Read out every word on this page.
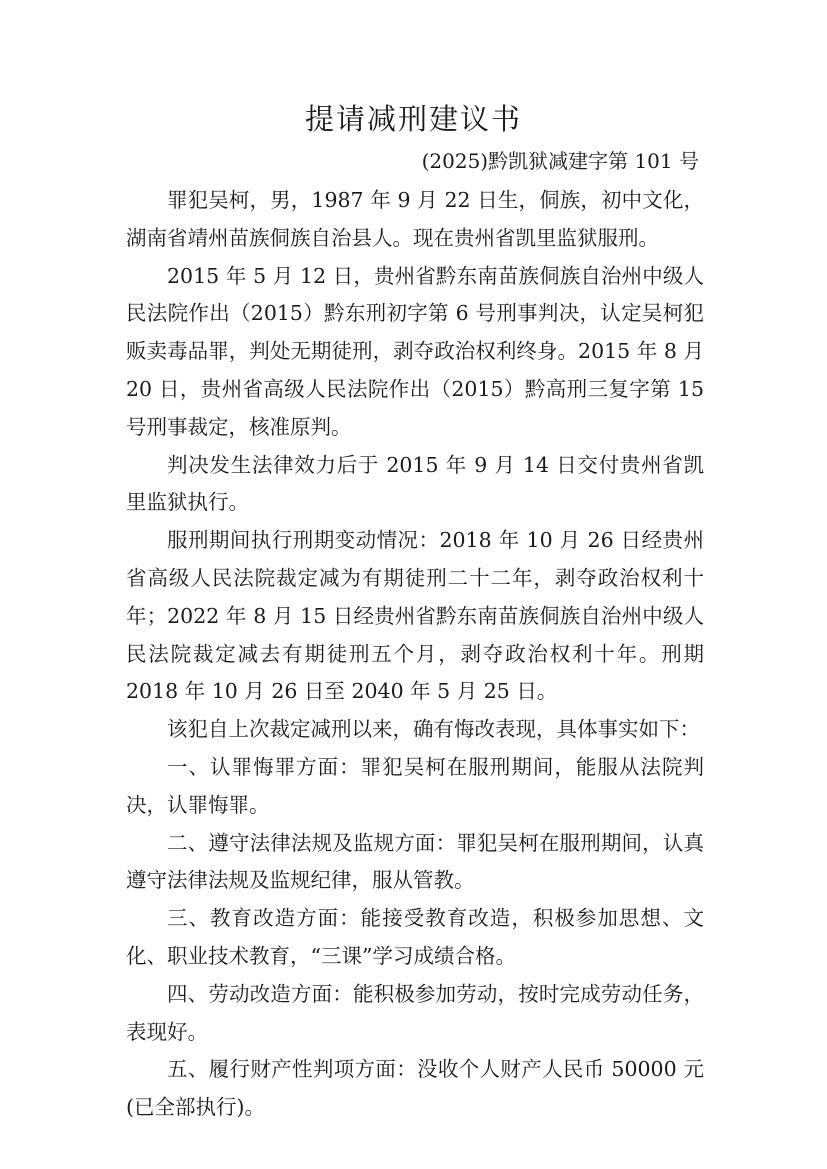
提请减刑建议书
(2025)黔凯狱减建字第 101 号

罪犯吴柯，男，1987 年 9 月 22 日生，侗族，初中文化，湖南省靖州苗族侗族自治县人。现在贵州省凯里监狱服刑。

2015 年 5 月 12 日，贵州省黔东南苗族侗族自治州中级人民法院作出（2015）黔东刑初字第 6 号刑事判决，认定吴柯犯贩卖毒品罪，判处无期徒刑，剥夺政治权利终身。2015 年 8 月 20 日，贵州省高级人民法院作出（2015）黔高刑三复字第 15 号刑事裁定，核准原判。

判决发生法律效力后于 2015 年 9 月 14 日交付贵州省凯里监狱执行。

服刑期间执行刑期变动情况：2018 年 10 月 26 日经贵州省高级人民法院裁定减为有期徒刑二十二年，剥夺政治权利十年；2022 年 8 月 15 日经贵州省黔东南苗族侗族自治州中级人民法院裁定减去有期徒刑五个月，剥夺政治权利十年。刑期 2018 年 10 月 26 日至 2040 年 5 月 25 日。

该犯自上次裁定减刑以来，确有悔改表现，具体事实如下：

一、认罪悔罪方面：罪犯吴柯在服刑期间，能服从法院判决，认罪悔罪。

二、遵守法律法规及监规方面：罪犯吴柯在服刑期间，认真遵守法律法规及监规纪律，服从管教。

三、教育改造方面：能接受教育改造，积极参加思想、文化、职业技术教育，“三课”学习成绩合格。

四、劳动改造方面：能积极参加劳动，按时完成劳动任务，表现好。

五、履行财产性判项方面：没收个人财产人民币 50000 元(已全部执行)。
